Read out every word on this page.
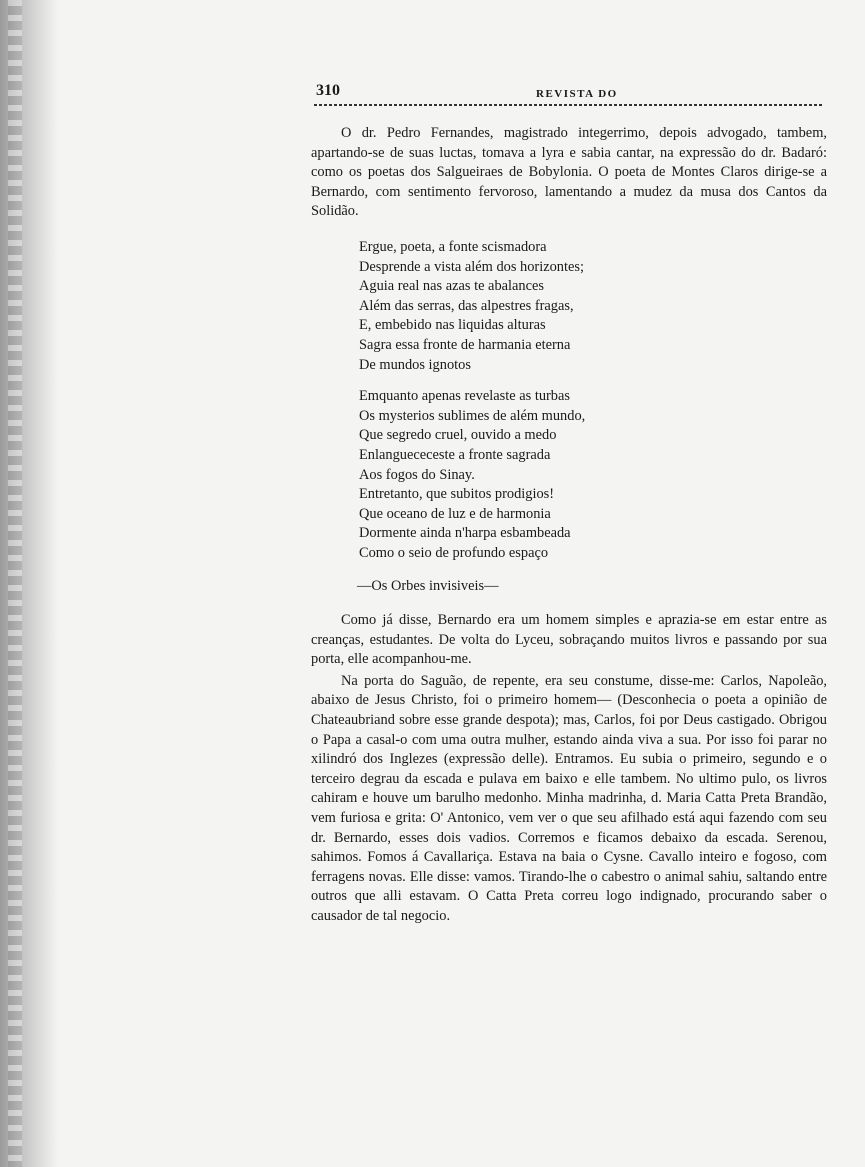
310	REVISTA DO

O dr. Pedro Fernandes, magistrado integerrimo, depois advogado, tambem, apartando-se de suas luctas, tomava a lyra e sabia cantar, na expressão do dr. Badaró: como os poetas dos Salgueiraes de Bobylonia. O poeta de Montes Claros dirige-se a Bernardo, com sentimento fervoroso, lamentando a mudez da musa dos Cantos da Solidão.

Ergue, poeta, a fonte scismadora
Desprende a vista além dos horizontes;
Aguia real nas azas te abalances
Além das serras, das alpestres fragas,
E, embebido nas liquidas alturas
Sagra essa fronte de harmania eterna
De mundos ignotos
Emquanto apenas revelaste as turbas
Os mysterios sublimes de além mundo,
Que segredo cruel, ouvido a medo
Enlanguececeste a fronte sagrada
Aos fogos do Sinay.
Entretanto, que subitos prodigios!
Que oceano de luz e de harmonia
Dormente ainda n'harpa esbambeada
Como o seio de profundo espaço
—Os Orbes invisiveis—

Como já disse, Bernardo era um homem simples e aprazia-se em estar entre as creanças, estudantes. De volta do Lyceu, sobraçando muitos livros e passando por sua porta, elle acompanhou-me.

Na porta do Saguão, de repente, era seu constume, disse-me: Carlos, Napoleão, abaixo de Jesus Christo, foi o primeiro homem— (Desconhecia o poeta a opinião de Chateaubriand sobre esse grande despota); mas, Carlos, foi por Deus castigado. Obrigou o Papa a casal-o com uma outra mulher, estando ainda viva a sua. Por isso foi parar no xilindró dos Inglezes (expressão delle). Entramos. Eu subia o primeiro, segundo e o terceiro degrau da escada e pulava em baixo e elle tambem. No ultimo pulo, os livros cahiram e houve um barulho medonho. Minha madrinha, d. Maria Catta Preta Brandão, vem furiosa e grita: O' Antonico, vem ver o que seu afilhado está aqui fazendo com seu dr. Bernardo, esses dois vadios. Corremos e ficamos debaixo da escada. Serenou, sahimos. Fomos á Cavallariça. Estava na baia o Cysne. Cavallo inteiro e fogoso, com ferragens novas. Elle disse: vamos. Tirando-lhe o cabestro o animal sahiu, saltando entre outros que alli estavam. O Catta Preta correu logo indignado, procurando saber o causador de tal negocio.
